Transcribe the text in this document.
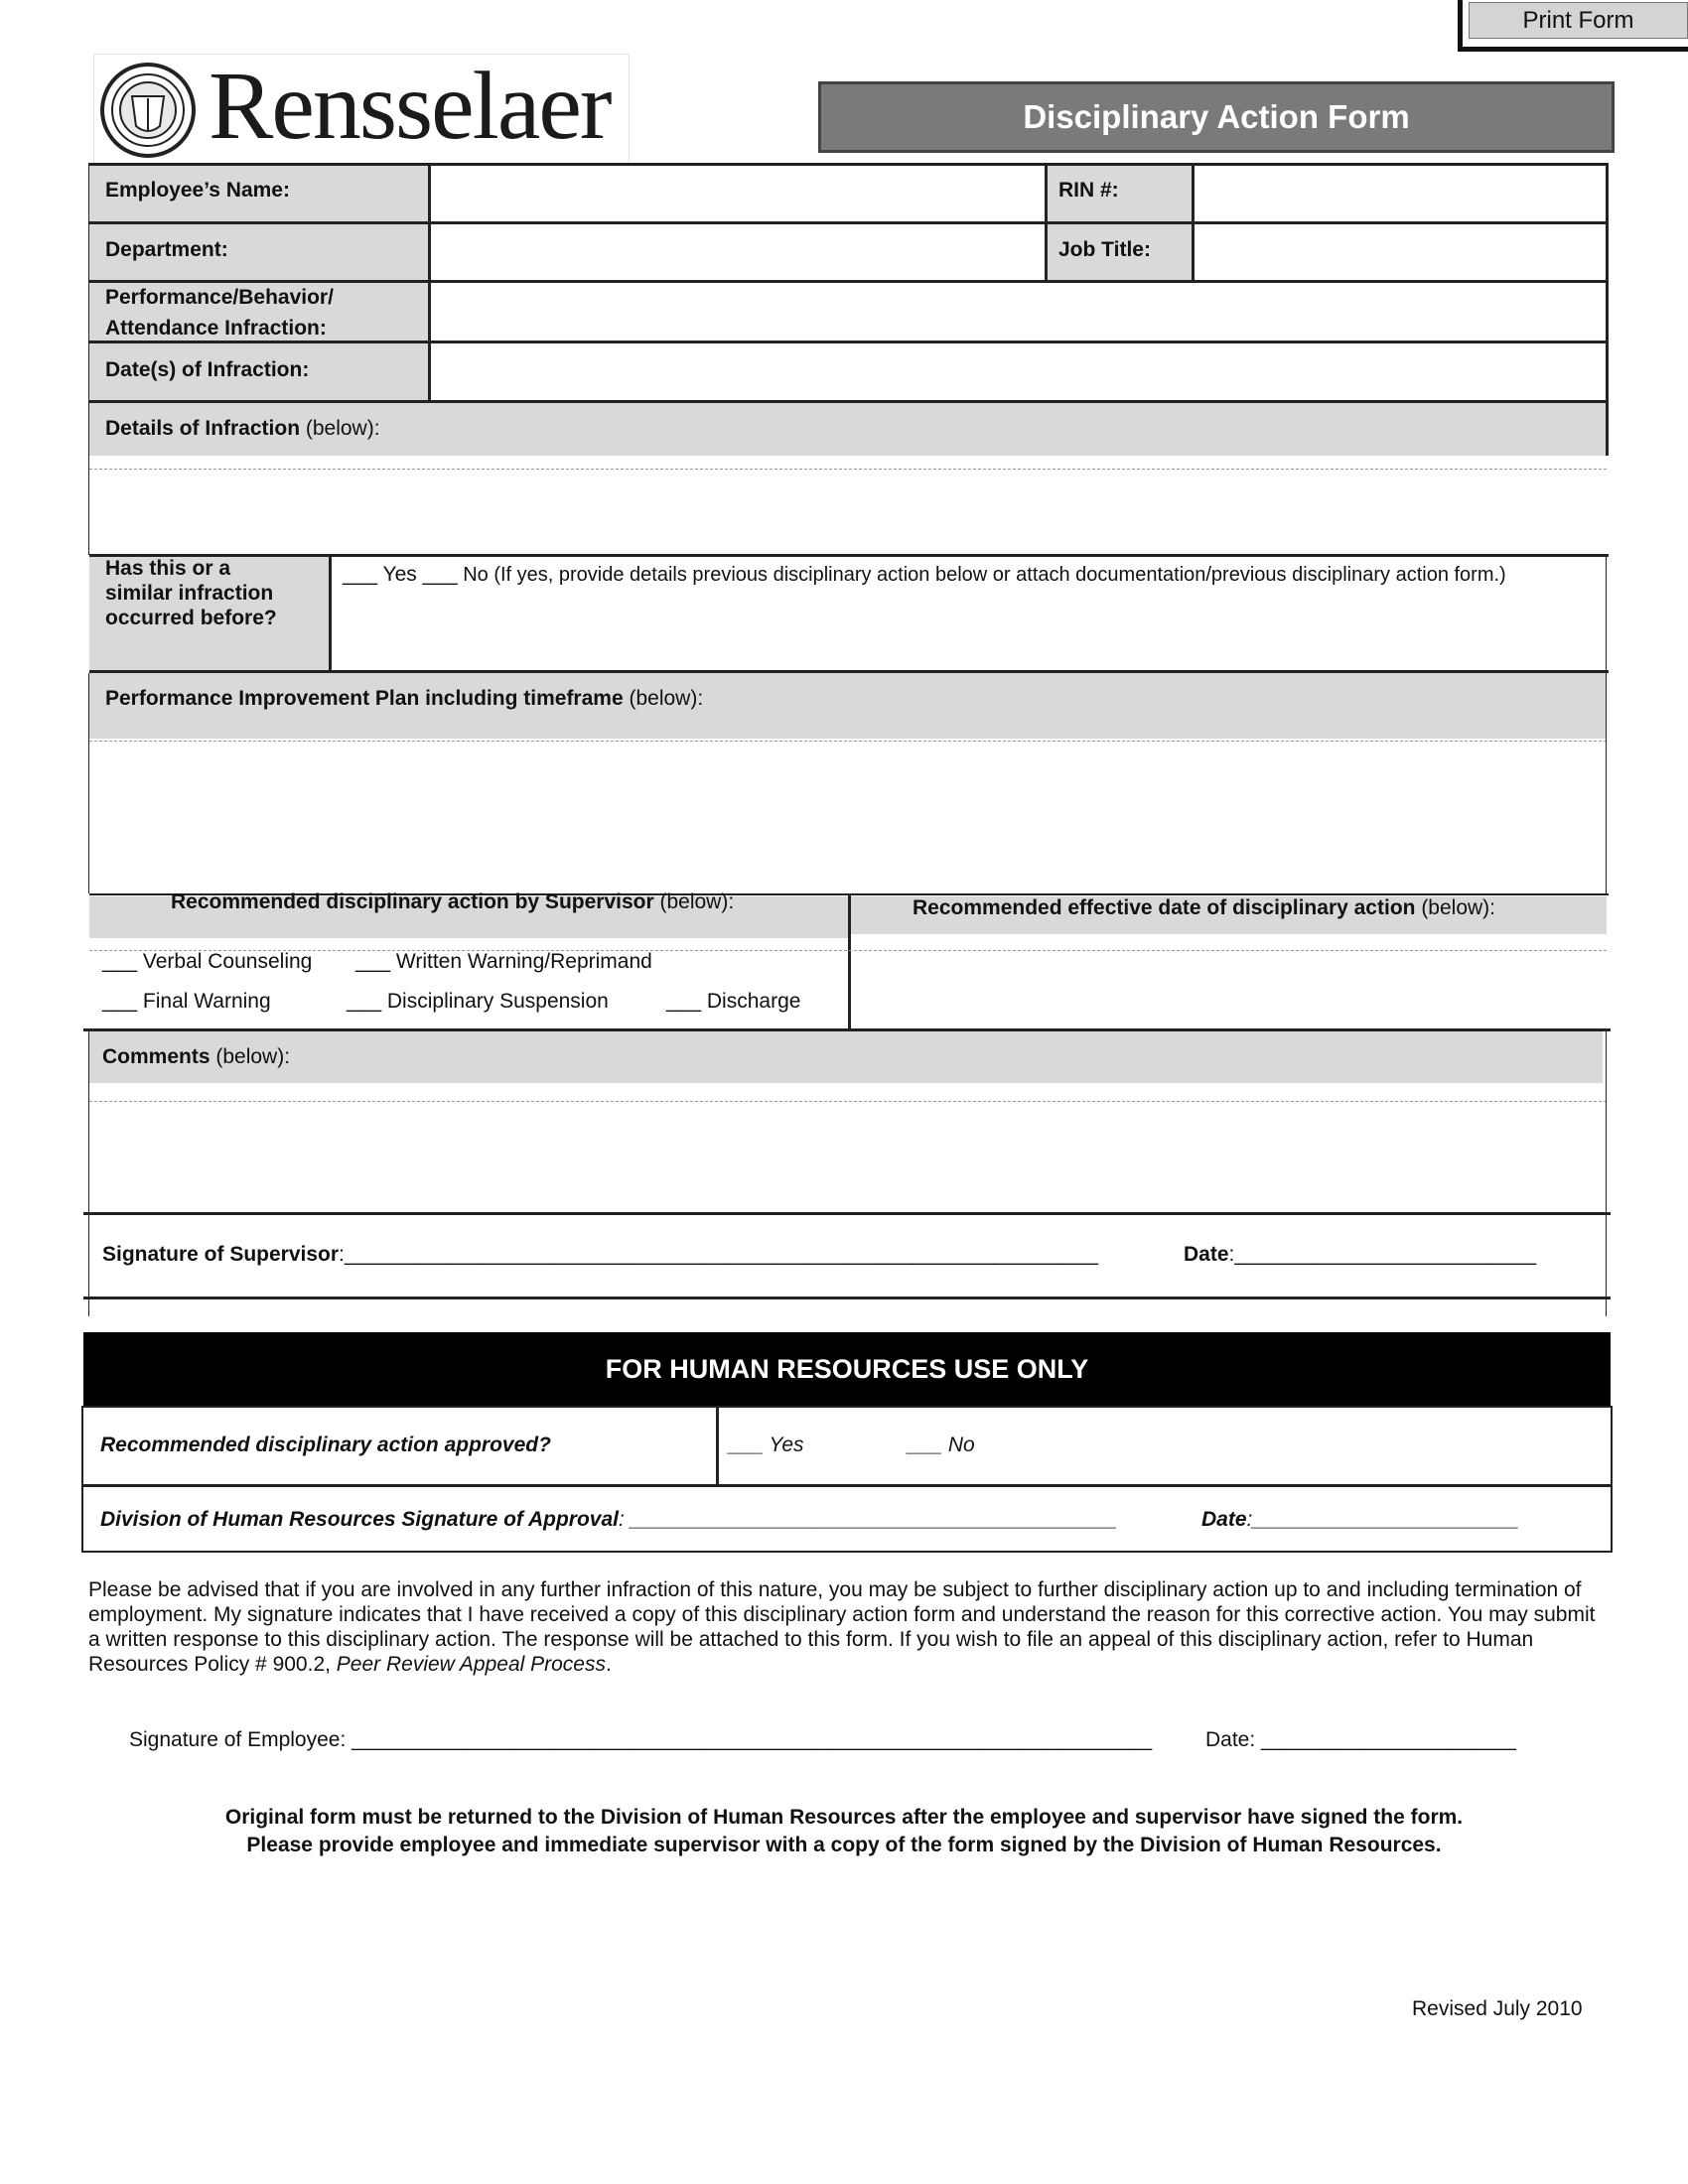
Print Form
Rensselaer	Disciplinary Action Form
Employee’s Name:	RIN #:
Department:	Job Title:
Performance/Behavior/
Attendance Infraction:
Date(s) of Infraction:
Details of Infraction (below):
Has this or a
similar infraction
occurred before?
___ Yes ___ No (If yes, provide details previous disciplinary action below or attach documentation/previous disciplinary action form.)
Performance Improvement Plan including timeframe (below):
Recommended disciplinary action by Supervisor (below):	Recommended effective date of disciplinary action (below):
___ Verbal Counseling ___ Written Warning/Reprimand
___ Final Warning	___ Disciplinary Suspension	___ Discharge
Comments (below):
Signature of Supervisor:_________________________________________________________________	Date:__________________________
FOR HUMAN RESOURCES USE ONLY
Recommended disciplinary action approved?	___ Yes	___ No
Division of Human Resources Signature of Approval: __________________________________________	Date:_______________________
Please be advised that if you are involved in any further infraction of this nature, you may be subject to further disciplinary action up to and including termination of employment. My signature indicates that I have received a copy of this disciplinary action form and understand the reason for this corrective action. You may submit a written response to this disciplinary action. The response will be attached to this form. If you wish to file an appeal of this disciplinary action, refer to Human Resources Policy # 900.2, Peer Review Appeal Process.
Signature of Employee: _____________________________________________________________________	Date: ______________________
Original form must be returned to the Division of Human Resources after the employee and supervisor have signed the form.
Please provide employee and immediate supervisor with a copy of the form signed by the Division of Human Resources.
Revised July 2010
